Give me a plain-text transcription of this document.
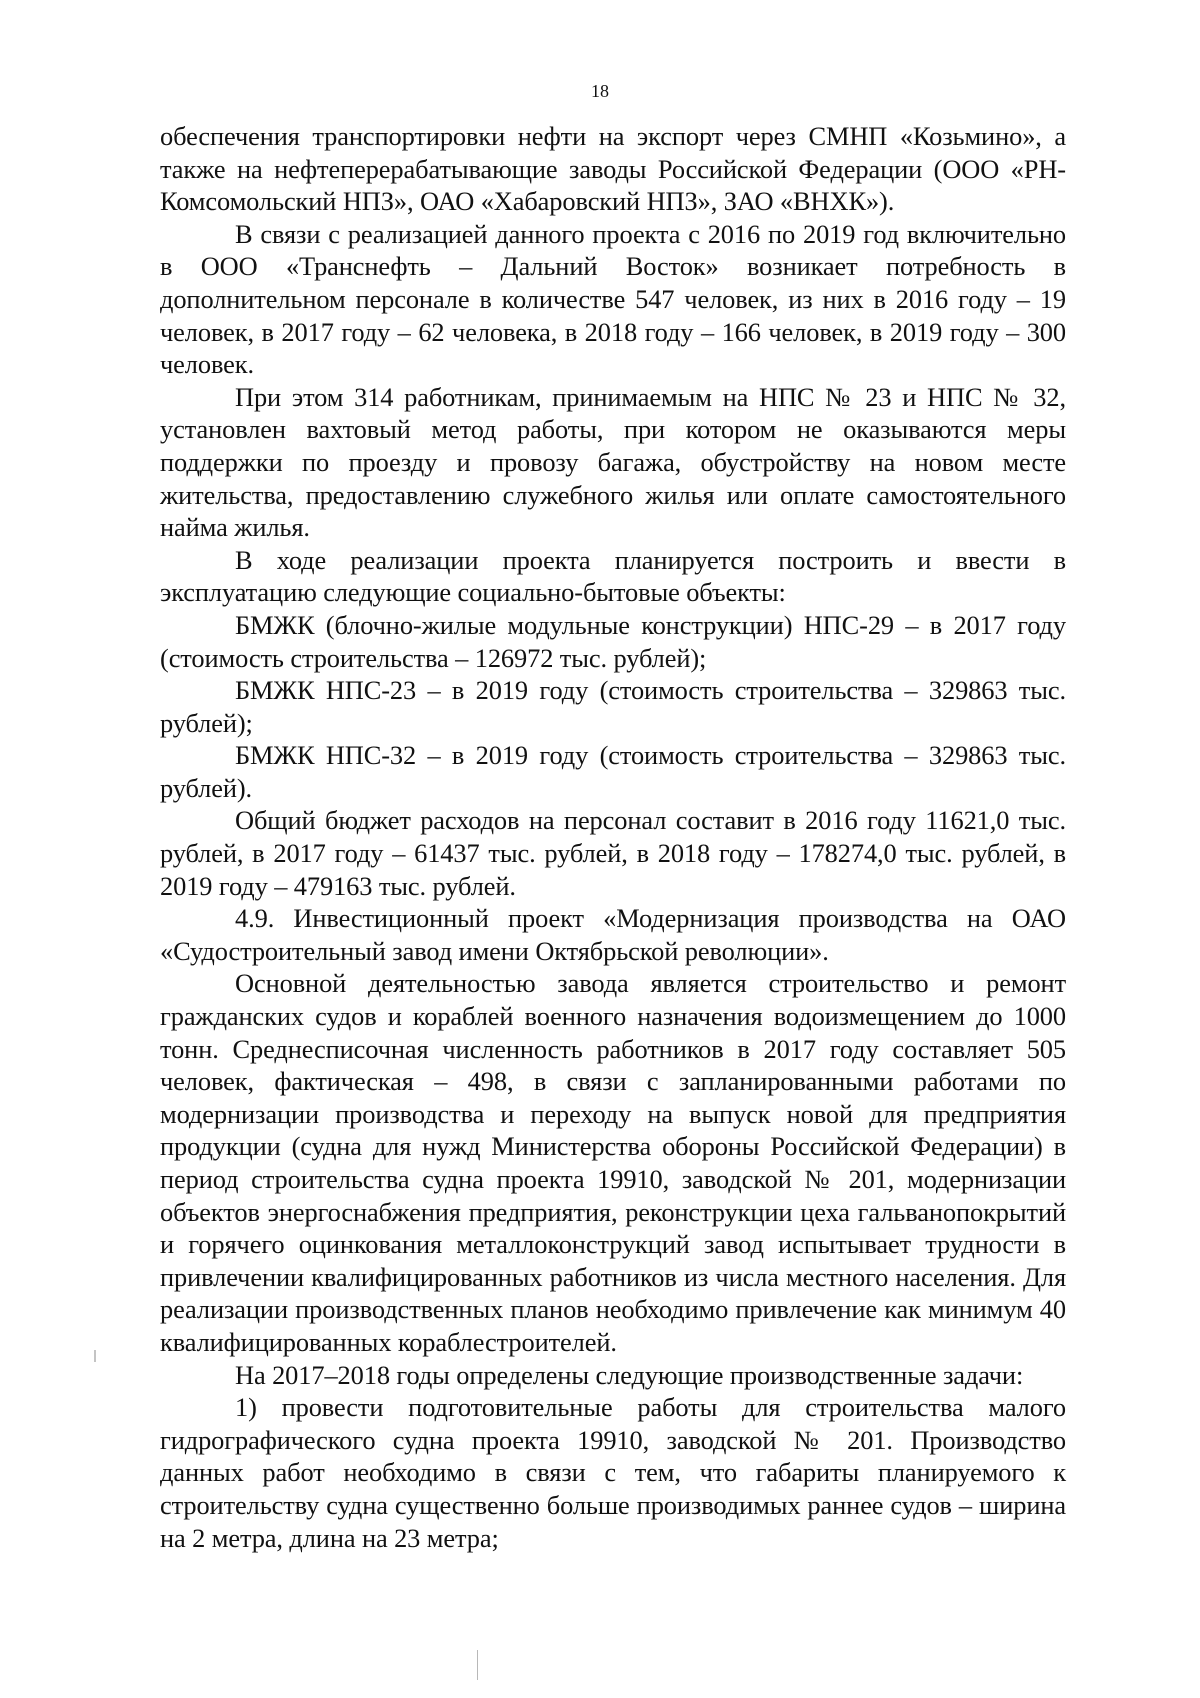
18

обеспечения транспортировки нефти на экспорт через СМНП «Козьмино», а также на нефтеперерабатывающие заводы Российской Федерации (ООО «РН-Комсомольский НПЗ», ОАО «Хабаровский НПЗ», ЗАО «ВНХК»).

В связи с реализацией данного проекта с 2016 по 2019 год включительно в ООО «Транснефть – Дальний Восток» возникает потребность в дополнительном персонале в количестве 547 человек, из них в 2016 году – 19 человек, в 2017 году – 62 человека, в 2018 году – 166 человек, в 2019 году – 300 человек.

При этом 314 работникам, принимаемым на НПС № 23 и НПС № 32, установлен вахтовый метод работы, при котором не оказываются меры поддержки по проезду и провозу багажа, обустройству на новом месте жительства, предоставлению служебного жилья или оплате самостоятельного найма жилья.

В ходе реализации проекта планируется построить и ввести в эксплуатацию следующие социально-бытовые объекты:

БМЖК (блочно-жилые модульные конструкции) НПС-29 – в 2017 году (стоимость строительства – 126972 тыс. рублей);

БМЖК НПС-23 – в 2019 году (стоимость строительства – 329863 тыс. рублей);

БМЖК НПС-32 – в 2019 году (стоимость строительства – 329863 тыс. рублей).

Общий бюджет расходов на персонал составит в 2016 году 11621,0 тыс. рублей, в 2017 году – 61437 тыс. рублей, в 2018 году – 178274,0 тыс. рублей, в 2019 году – 479163 тыс. рублей.

4.9. Инвестиционный проект «Модернизация производства на ОАО «Судостроительный завод имени Октябрьской революции».

Основной деятельностью завода является строительство и ремонт гражданских судов и кораблей военного назначения водоизмещением до 1000 тонн. Среднесписочная численность работников в 2017 году составляет 505 человек, фактическая – 498, в связи с запланированными работами по модернизации производства и переходу на выпуск новой для предприятия продукции (судна для нужд Министерства обороны Российской Федерации) в период строительства судна проекта 19910, заводской № 201, модернизации объектов энергоснабжения предприятия, реконструкции цеха гальванопокрытий и горячего оцинкования металлоконструкций завод испытывает трудности в привлечении квалифицированных работников из числа местного населения. Для реализации производственных планов необходимо привлечение как минимум 40 квалифицированных кораблестроителей.

На 2017–2018 годы определены следующие производственные задачи:

1) провести подготовительные работы для строительства малого гидрографического судна проекта 19910, заводской № 201. Производство данных работ необходимо в связи с тем, что габариты планируемого к строительству судна существенно больше производимых раннее судов – ширина на 2 метра, длина на 23 метра;
